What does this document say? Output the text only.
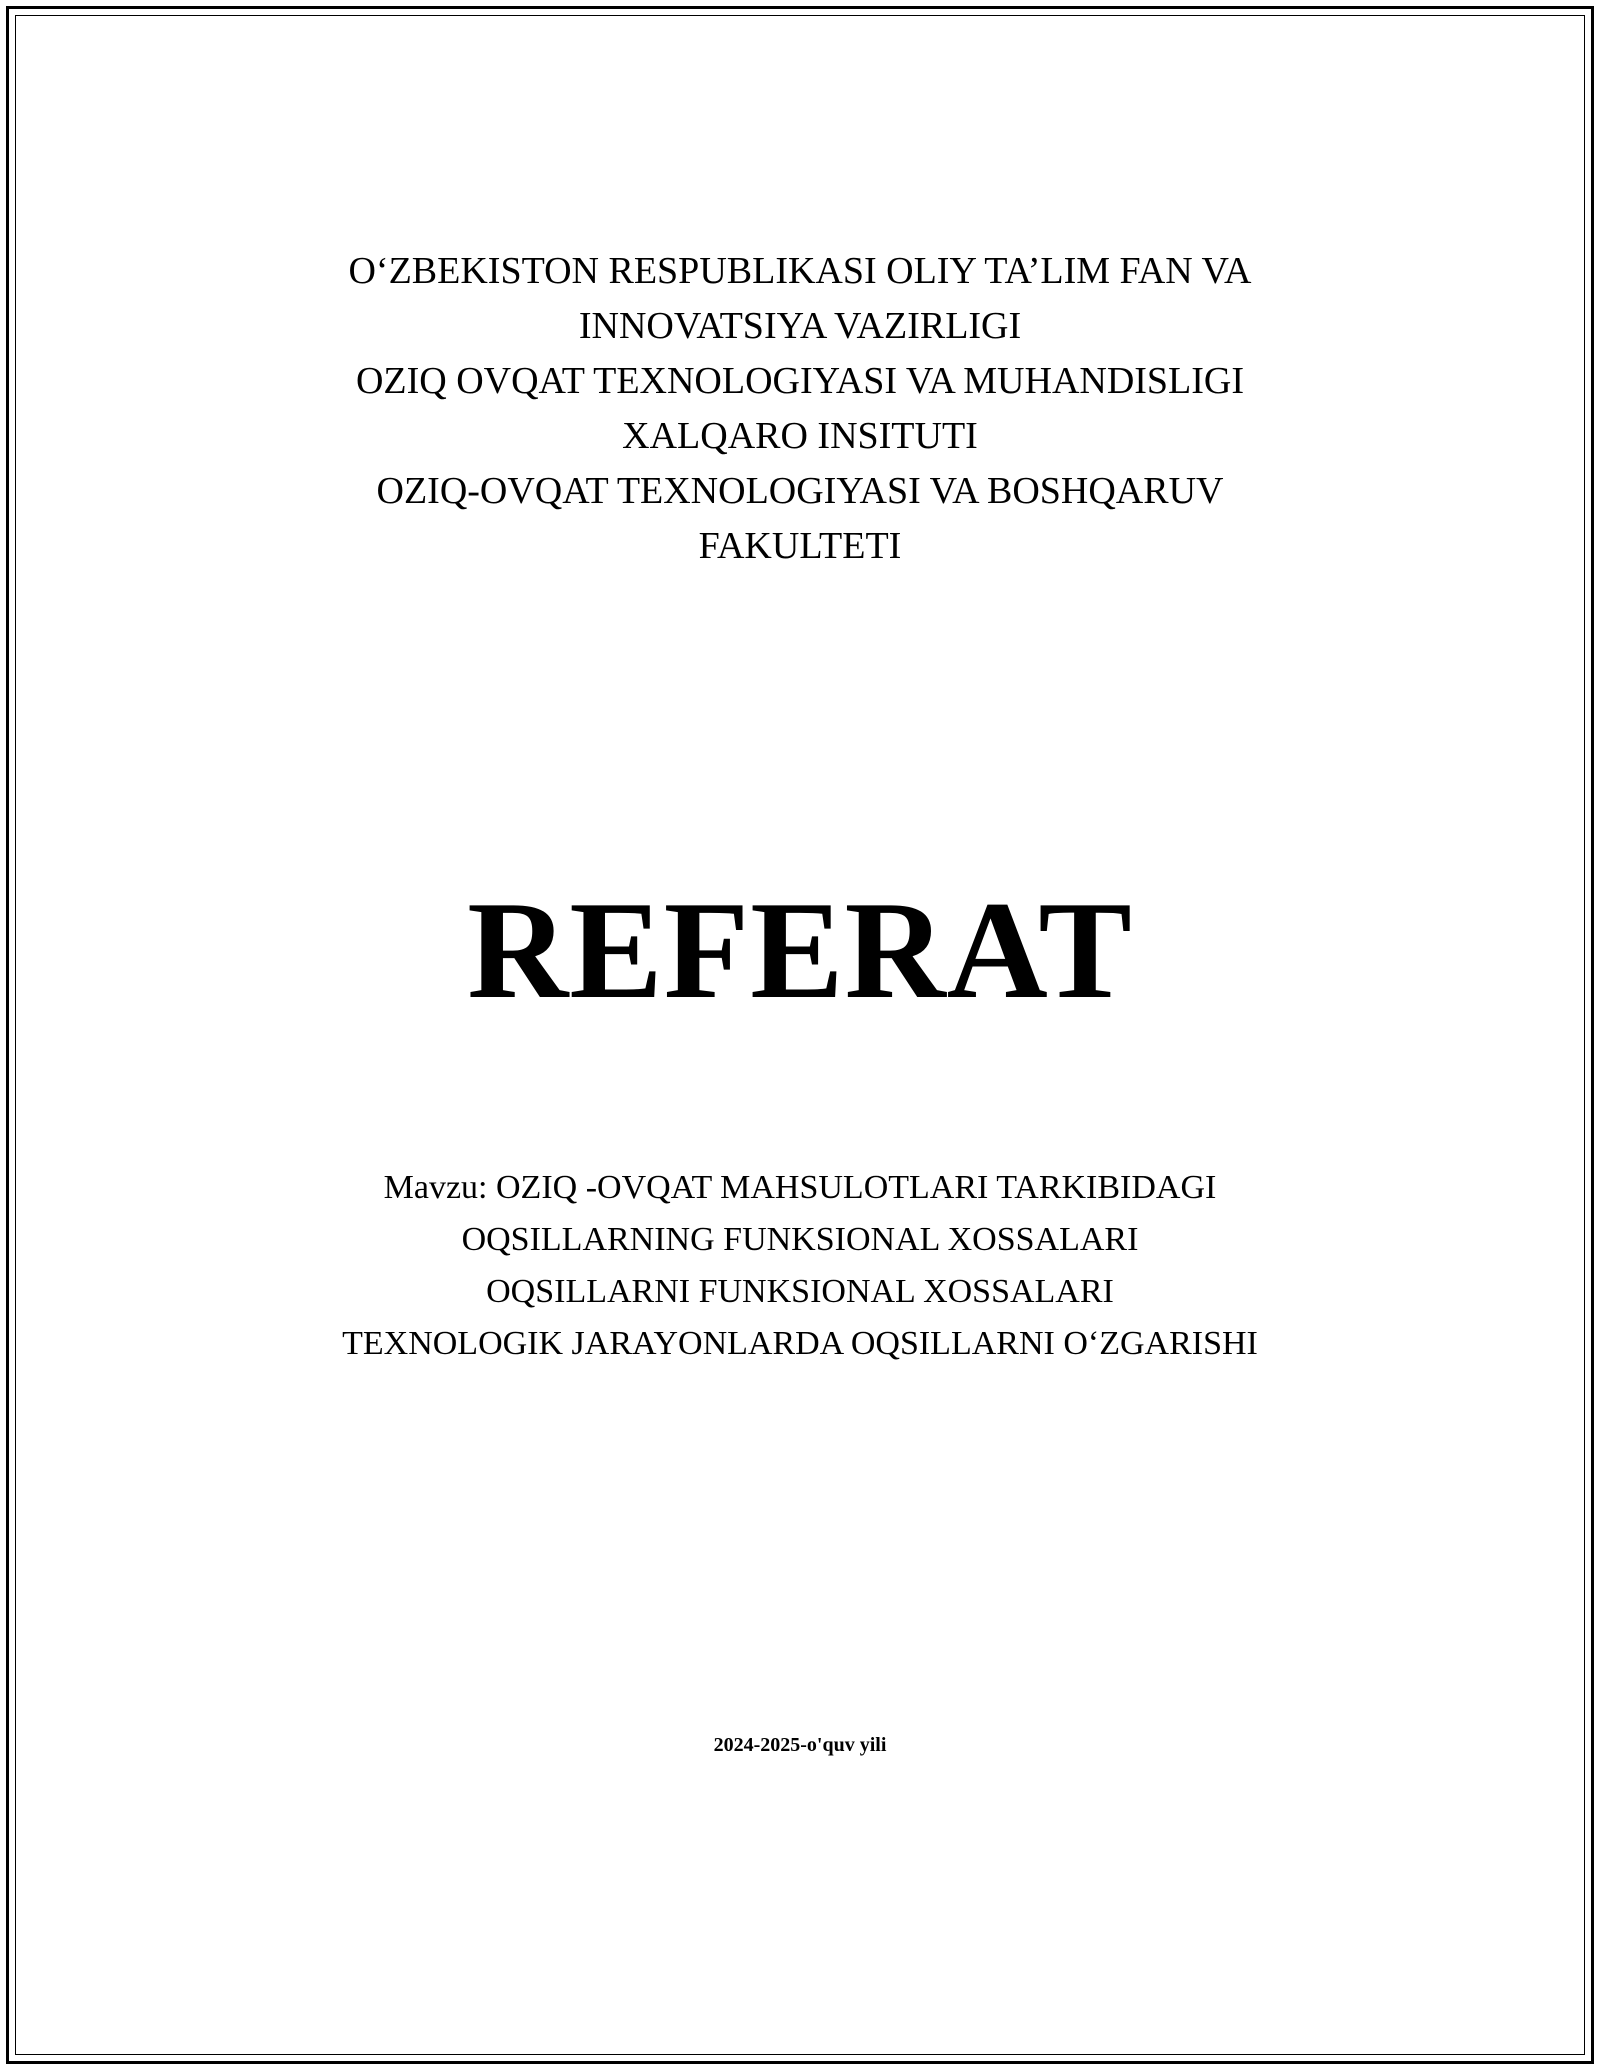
O‘ZBEKISTON RESPUBLIKASI OLIY TA’LIM FAN VA
INNOVATSIYA VAZIRLIGI
OZIQ OVQAT TEXNOLOGIYASI VA MUHANDISLIGI
XALQARO INSITUTI
OZIQ-OVQAT TEXNOLOGIYASI VA BOSHQARUV
FAKULTETI
REFERAT
Mavzu: OZIQ -OVQAT MAHSULOTLARI TARKIBIDAGI
OQSILLARNING FUNKSIONAL XOSSALARI
OQSILLARNI FUNKSIONAL XOSSALARI
TEXNOLOGIK JARAYONLARDA OQSILLARNI O‘ZGARISHI
2024-2025-o'quv yili
